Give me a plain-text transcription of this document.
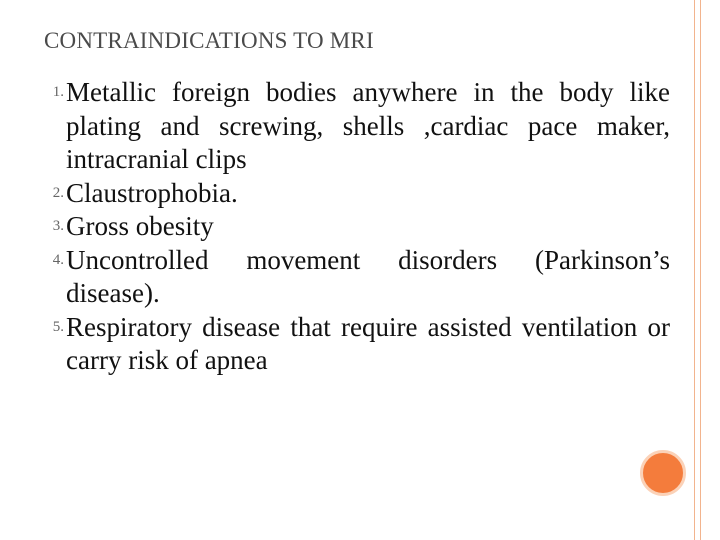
CONTRAINDICATIONS TO MRI
1. Metallic foreign bodies anywhere in the body like plating and screwing, shells ,cardiac pace maker, intracranial clips
2. Claustrophobia.
3. Gross obesity
4. Uncontrolled movement disorders (Parkinson’s disease).
5. Respiratory disease that require assisted ventilation or carry risk of apnea
